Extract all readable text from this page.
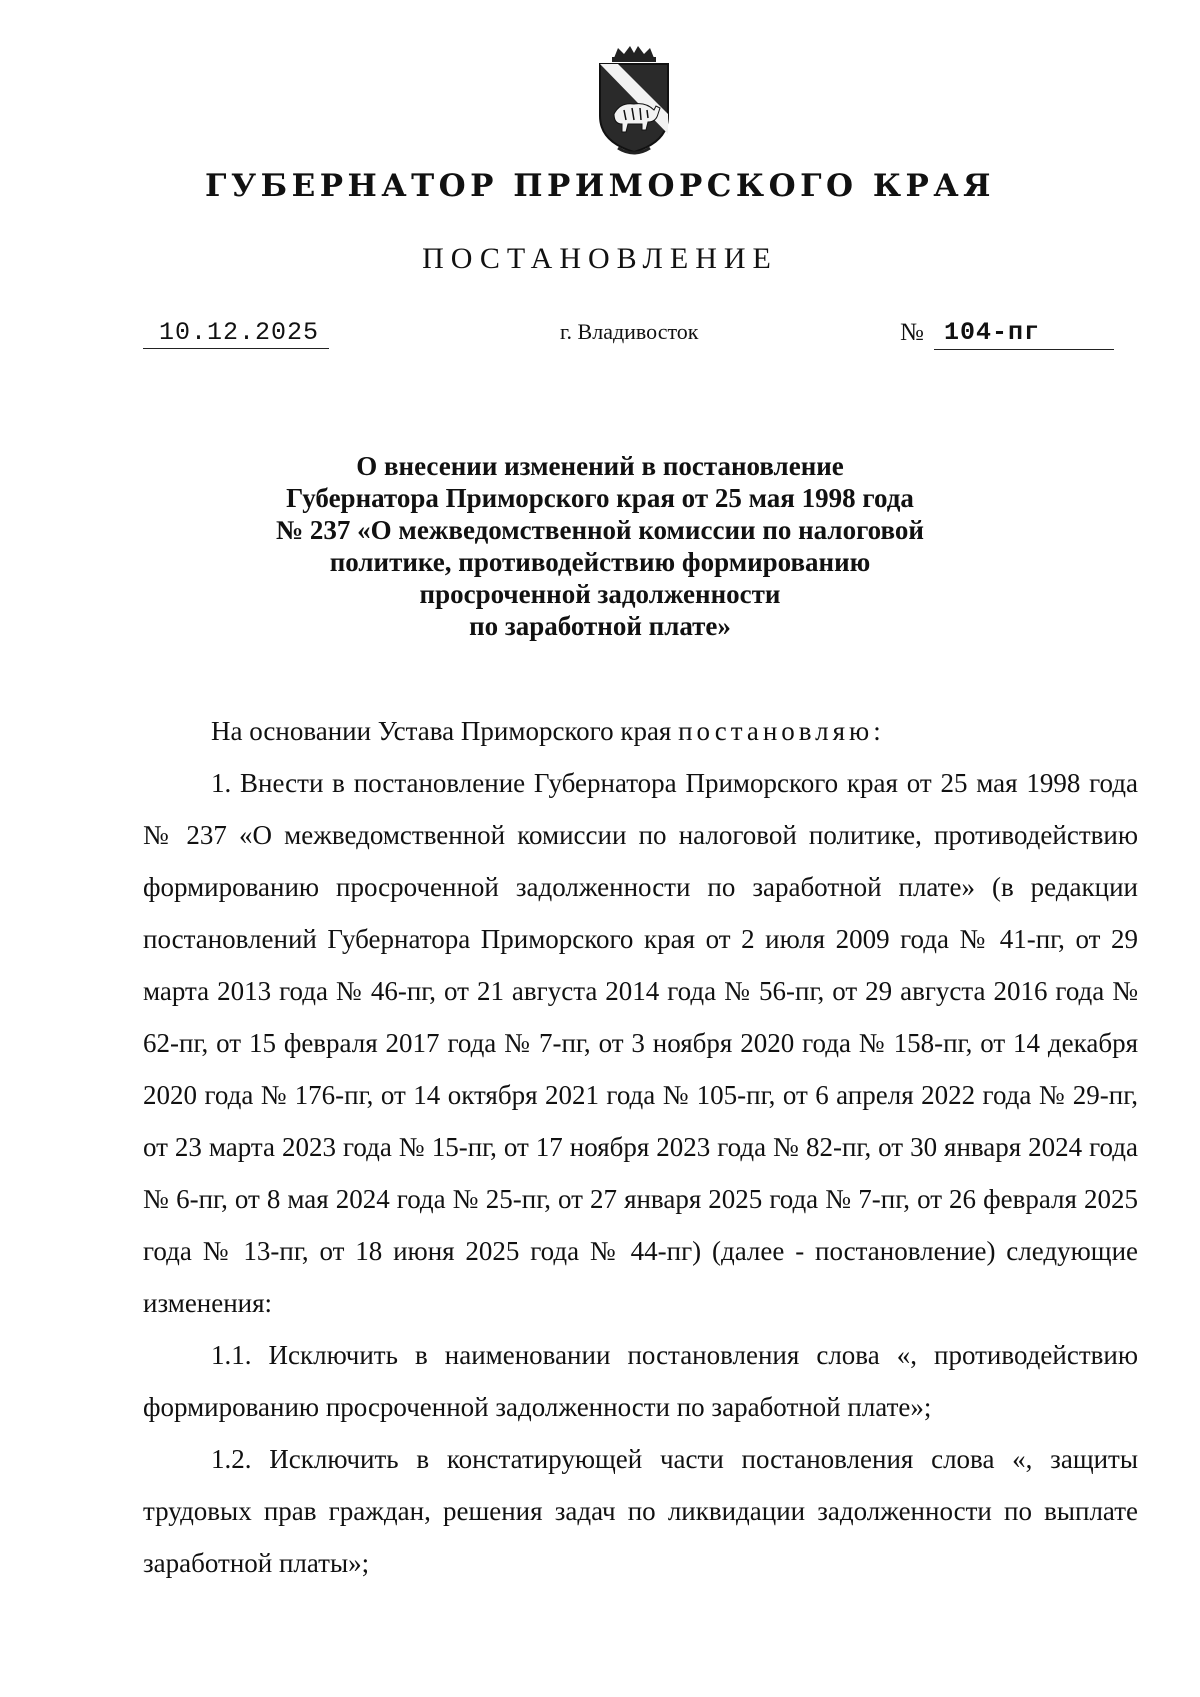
ГУБЕРНАТОР ПРИМОРСКОГО КРАЯ
ПОСТАНОВЛЕНИЕ
10.12.2025	г. Владивосток	№ 104-пг
О внесении изменений в постановление
Губернатора Приморского края от 25 мая 1998 года
№ 237 «О межведомственной комиссии по налоговой
политике, противодействию формированию
просроченной задолженности
по заработной плате»

На основании Устава Приморского края постановляю:

1. Внести в постановление Губернатора Приморского края от 25 мая 1998 года № 237 «О межведомственной комиссии по налоговой политике, противодействию формированию просроченной задолженности по заработной плате» (в редакции постановлений Губернатора Приморского края от 2 июля 2009 года № 41-пг, от 29 марта 2013 года № 46-пг, от 21 августа 2014 года № 56-пг, от 29 августа 2016 года № 62-пг, от 15 февраля 2017 года № 7-пг, от 3 ноября 2020 года № 158-пг, от 14 декабря 2020 года № 176-пг, от 14 октября 2021 года № 105-пг, от 6 апреля 2022 года № 29-пг, от 23 марта 2023 года № 15-пг, от 17 ноября 2023 года № 82-пг, от 30 января 2024 года № 6-пг, от 8 мая 2024 года № 25-пг, от 27 января 2025 года № 7-пг, от 26 февраля 2025 года № 13-пг, от 18 июня 2025 года № 44-пг) (далее - постановление) следующие изменения:

1.1. Исключить в наименовании постановления слова «, противодействию формированию просроченной задолженности по заработной плате»;

1.2. Исключить в констатирующей части постановления слова «, защиты трудовых прав граждан, решения задач по ликвидации задолженности по выплате заработной платы»;
